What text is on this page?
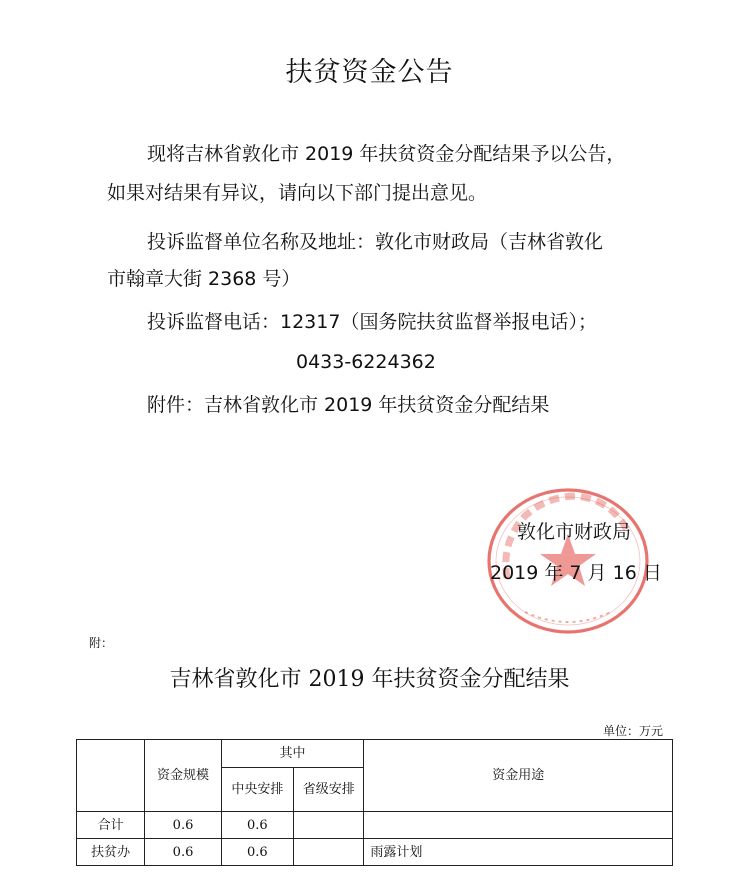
扶贫资金公告
现将吉林省敦化市 2019 年扶贫资金分配结果予以公告，
如果对结果有异议，请向以下部门提出意见。
投诉监督单位名称及地址：敦化市财政局（吉林省敦化
市翰章大街 2368 号）
投诉监督电话：12317（国务院扶贫监督举报电话）；
0433-6224362
附件：吉林省敦化市 2019 年扶贫资金分配结果
敦化市财政局
2019 年 7 月 16 日
附：
吉林省敦化市 2019 年扶贫资金分配结果
单位：万元
	资金规模	其中		资金用途
		中央安排	省级安排	
合计	0.6	0.6		
扶贫办	0.6	0.6		雨露计划
